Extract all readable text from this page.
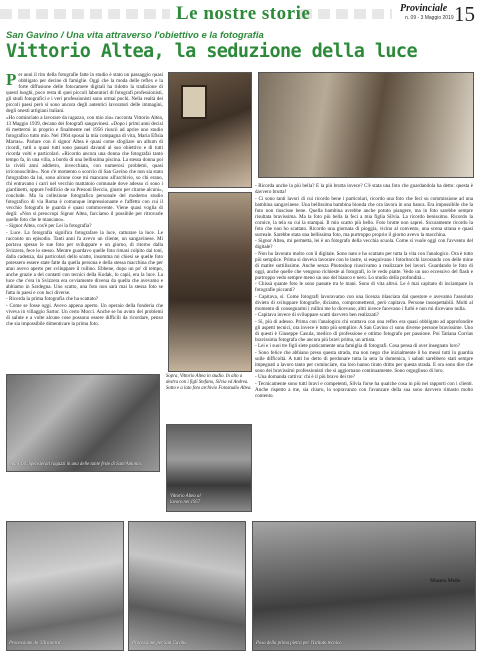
Le nostre storie	Provinciale
n. 09 - 3 Maggio 2019 15
San Gavino / Una vita attraverso l'obiettivo e la fotografia
Vittorio Altea, la seduzione della luce
Sopra, Vittorio Altea in studio. In alto a destra con i figli Stefano, Silvia ed Andrea. Sotto e a lato foto archivio Fotostudio Altea.
Anni '60. Spensierati ragazzi in una delle tante feste di Sant'Antonio.
Vittorio Altea al lavoro nel 1957
Processione de 'S'Incontru'	Processione per San Gavino	Posa della prima pietra per l'Istituto tecnico
P er anni il rito della fotografie fatte in studio è stato un passaggio quasi obbligato per decine di famiglie. Oggi che la moda delle reflex e la forte diffusione delle fotocamere digitali ha ridotto la tradizione di questi luoghi, poco resta di quei piccoli laboratori di fotografi professionisti, gli studi fotografici e i veri professionisti sono ormai pochi. Nella realtà dei piccoli paesi però si sono ancora degli autentici lavoratori delle immagini, degli onesti artigiani italiani.

«Ho cominciato a lavorare da ragazzo, con mio zio» racconta Vittorio Altea, 13 Maggio 1939, decano dei fotografi sangavinesi. «Dopo i primi anni decisi di mettermi in proprio e finalmente nel 1956 riuscii ad aprire uno studio fotografico tutto mio. Nel 1964 sposai la mia compagna di vita, Maria Efisia Marras». Parlare con il signor Altea è quasi come sfogliare un album di ricordi, tutti o quasi tutti sono passati davanti al suo obiettivo e di tutti ricorda volti e particolari. «Ricordo ancora una donna che fotografai tanto tempo fa, in una villa, a bordo di una bellissima piscina. La stessa donna poi la rividi anni addietro, invecchiata, con numerosi problemi, quasi irriconoscibile». Non c'è momento o scorcio di San Gavino che non sia stato fotografato da lui, sono alcune cose mi mancano all'archivio, so chi erano, chi entravano i carri nel vecchio mattatoio comunale dove adesso ci sono i giardinetti, oppure l'edificio de su Presoni Becciu, giusto per citarne alcuni», conclude. Ma la collezione fotografica personale del moderno studio fotografico di via Roma è comunque impressionante e l'affetto con cui il vecchio fotografo le guarda è quasi commovente. Viene quasi voglia di degli: «Non si preoccupi Signor Altea, facciamo il possibile per ritrovarle quelle foto che le mancano».

- Signor Altea, cos'è per Lei la fotografia?

- Luce. La fotografia significa fotografare la luce, catturare la luce. Le racconto un episodio. Tanti anni fa avevo un cliente, un sangavinese. Mi portava spesso le sue foto per sviluppare e un giorno, di ritorno dalla Svizzera, fece lo stesso. Mentre guardavo quelle foto rimasi colpito dai toni, dalla cadenza, dai particolari dello scatto, insomma mi chiesi se quelle foto potessero essere state fatte da quella persona e della stessa macchina che per anni avevo aperto per sviluppare il rullino. Ebbene, dopo un po' di tempo, anche grazie a dei contatti con tecnici della Kodak, lo capii, era la luce. La luce che c'era in Svizzera era ovviamente diversa da quella che avevamo e abbiamo in Sardegna. Uno scatto, una foto non sarà mai la stessa foto se fatta in paesi e con luci diverse.

- Ricorda la prima fotografia che ha scattato?

- Come se fosse oggi. Avevo appena aperto. Un operaio della fonderia che viveva in villaggio Sartor. Un certo Mocci. Anche se ho avuto dei problemi di salute e a volte alcune cose possono essere difficili da ricordare, penso che sia impossibile dimenticare la prima foto.

- Ricorda anche la più bella? E la più brutta invece? C'è stata una foto che guardandola ha detto: questa è davvero brutta!

- Ci sono tanti lavori di cui ricordo bene i particolari, ricordo una foto che feci su commissione ad una bambina sangavinese. Una bellissima bambina bionda che ora lavora in una banca. Era impossibile che la foto non riuscisse bene. Quella bambina avrebbe anche potuto piangere, ma in foto sarebbe sempre risultata bravissima. Ma la foto più bella la feci a mia figlia Silvia. La ricordo benissimo. Ricordo la cornice, la tela su cui la stampai. Il mio scatto più bello. Foto brutte non saprei. Sicuramente ricordo la foto che non ho scattato. Ricordo una giornata di pioggia, vicino al convento, una scena strana e quasi surreale. Sarebbe stata una bellissima foto, ma purtroppo proprio il giorno avevo la macchina.

- Signor Altea, mi permetta, lei è un fotografo della vecchia scuola. Come si vuole oggi con l'avvento del digitale?

- Non ho lavorato molto con il digitale. Sono nato e ho scattato per tutta la vita con l'analogico. Ora è tutto più semplice. Prima si doveva lavorare con le lastre, si eseguivano i fotoritocchi lavorando con delle mine di matite sottilissime. Anche senza Photoshop riuscivamo a realizzare bei lavori. Guardando le foto di oggi, anche quelle che vengono richieste ai fotografi, io le vedo piatte. Vedo un uso eccessivo del flash e purtroppo vedo sempre meno un uso del bianco e nero. Lo studio della profondità...

- Chissà quante foto le sono passate tra le mani. Sono di vita altrui. Le è mai capitato di inciampare in fotografie piccanti?

- Capitava, sì. Come fotografi lavoravamo con una licenza rilasciata dal questore e avevamo l'assoluto divieto di sviluppare fotografie, diciamo, compromettenti, però capitava. Persone insospettabili. Molti al momento di consegnarmi i rullini me lo dicevano, altri invece facevano i furbi e non mi dicevano nulla.

- Capitava invece di sviluppare scatti davvero ben realizzati?

- Sì, più di adesso. Prima con l'analogico chi scattava con una reflex era quasi obbligato ad approfondire gli aspetti tecnici, ora invece è tutto più semplice. A San Gavino ci sono diverse persone bravissime. Uno di questi è Giuseppe Casula, medico di professione e ottimo fotografo per passione. Poi Tatiana Corrias bravissima fotografa che ancora più bravi prima, un artista.

- Lei e i suoi tre figli siete praticamente una famiglia di fotografi. Cosa pensa di aver insegnato loro?

- Sono felice che abbiano preso questa strada, ma non nego che inizialmente li ho messi tutti in guardia sulle difficoltà. A tutti ho detto di perdonare tutta la sera la domenica, i sabati sarebbero stati sempre impegnati a lavoro tanto per cominciare, ma loro hanno tirato dritto per questa strada. E ora sono dire che sono dei bravissimi professionisti che si aggiornano continuamente. Sono orgoglioso di loro.

- Una domanda cattiva: chi è il più bravo dei tre?

- Tecnicamente sono tutti bravi e competenti, Silvia forse ha qualche cosa in più nei rapporti con i clienti. Anche rispetto a me, sia chiaro, lo sopravanzo con l'avanzare della sua sono davvero rimasto molto contento.

Mauro Melis
